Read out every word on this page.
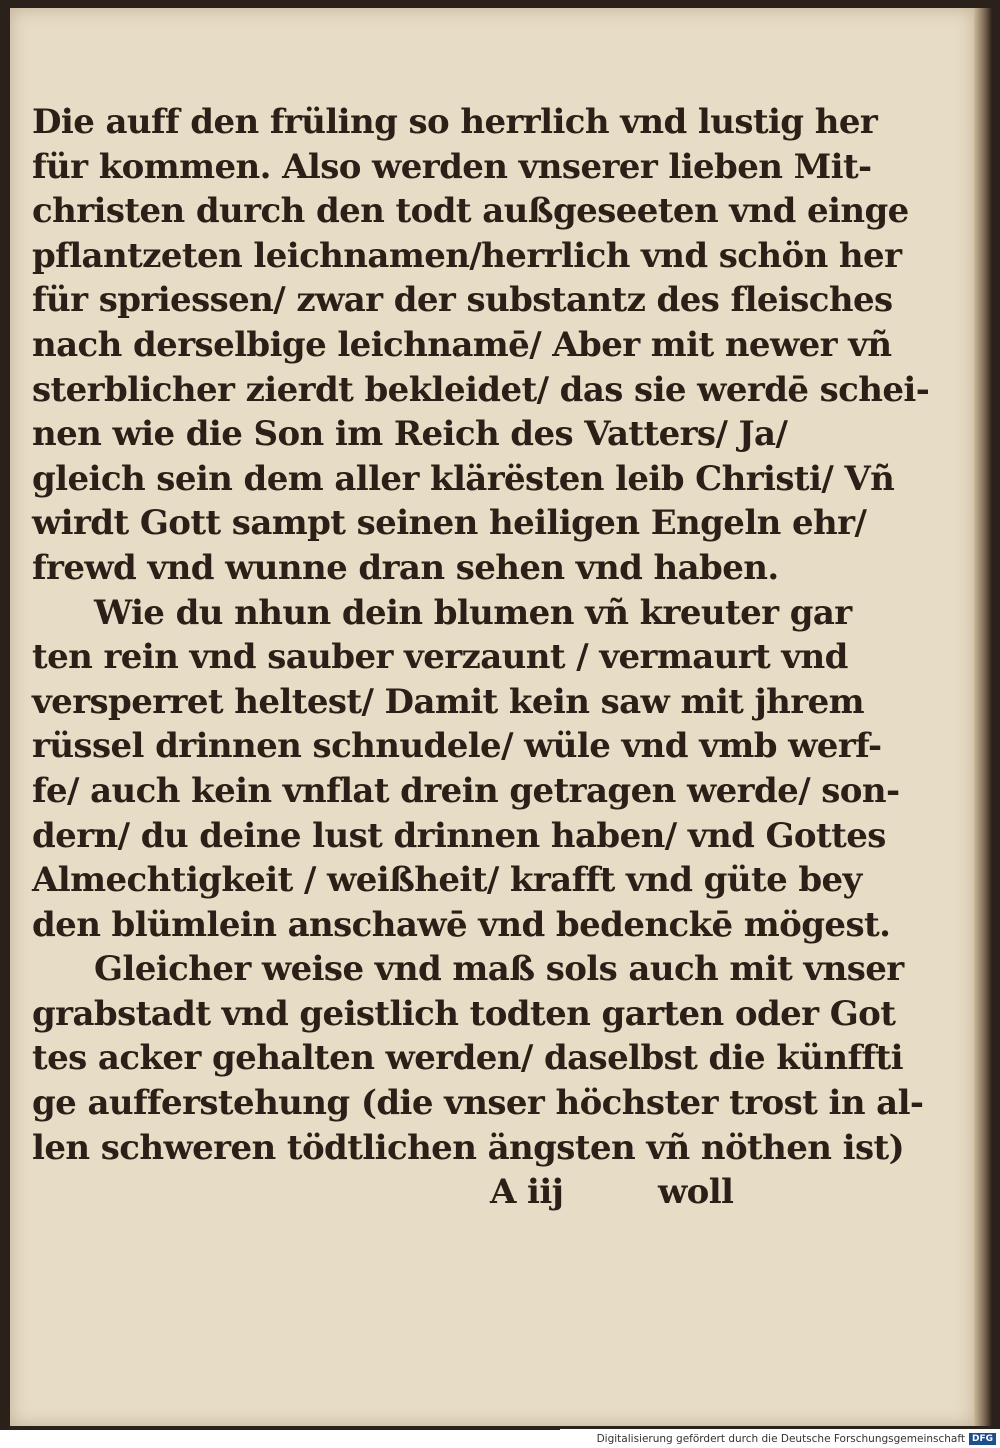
Die auff den früling so herrlich vnd lustig her
für kommen. Also werden vnserer lieben Mit-
christen durch den todt außgeseeten vnd einge
pflantzeten leichnamen/herrlich vnd schön her
für spriessen/ zwar der substantz des fleisches
nach derselbige leichnamē/ Aber mit newer vñ
sterblicher zierdt bekleidet/ das sie werdē schei-
nen wie die Son im Reich des Vatters/ Ja/
gleich sein dem aller klärësten leib Christi/ Vñ
wirdt Gott sampt seinen heiligen Engeln ehr/
frewd vnd wunne dran sehen vnd haben.
Wie du nhun dein blumen vñ kreuter gar
ten rein vnd sauber verzaunt / vermaurt vnd
versperret heltest/ Damit kein saw mit jhrem
rüssel drinnen schnudele/ wüle vnd vmb werf-
fe/ auch kein vnflat drein getragen werde/ son-
dern/ du deine lust drinnen haben/ vnd Gottes
Almechtigkeit / weißheit/ krafft vnd güte bey
den blümlein anschawē vnd bedenckē mögest.
Gleicher weise vnd maß sols auch mit vnser
grabstadt vnd geistlich todten garten oder Got
tes acker gehalten werden/ daselbst die künffti
ge aufferstehung (die vnser höchster trost in al-
len schweren tödtlichen ängsten vñ nöthen ist)
A iij	woll
Digitalisierung gefördert durch die Deutsche Forschungsgemeinschaft DFG
